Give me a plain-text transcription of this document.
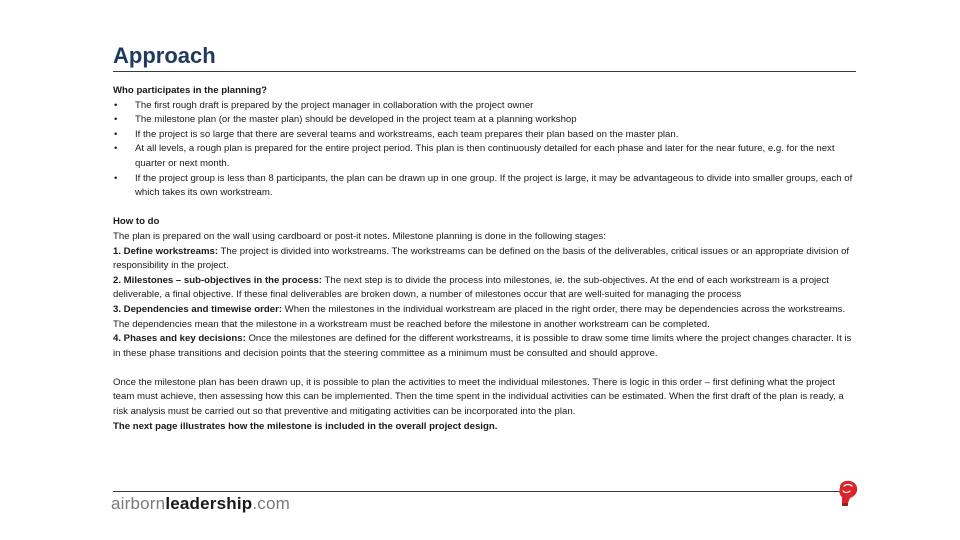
Approach

Who participates in the planning?

• The first rough draft is prepared by the project manager in collaboration with the project owner
• The milestone plan (or the master plan) should be developed in the project team at a planning workshop
• If the project is so large that there are several teams and workstreams, each team prepares their plan based on the master plan.
• At all levels, a rough plan is prepared for the entire project period. This plan is then continuously detailed for each phase and later for the near future, e.g. for the next quarter or next month.
• If the project group is less than 8 participants, the plan can be drawn up in one group. If the project is large, it may be advantageous to divide into smaller groups, each of which takes its own workstream.

How to do

The plan is prepared on the wall using cardboard or post-it notes. Milestone planning is done in the following stages:

1. Define workstreams: The project is divided into workstreams. The workstreams can be defined on the basis of the deliverables, critical issues or an appropriate division of responsibility in the project.

2. Milestones – sub-objectives in the process: The next step is to divide the process into milestones, ie. the sub-objectives. At the end of each workstream is a project deliverable, a final objective. If these final deliverables are broken down, a number of milestones occur that are well-suited for managing the process

3. Dependencies and timewise order: When the milestones in the individual workstream are placed in the right order, there may be dependencies across the workstreams. The dependencies mean that the milestone in a workstream must be reached before the milestone in another workstream can be completed.

4. Phases and key decisions: Once the milestones are defined for the different workstreams, it is possible to draw some time limits where the project changes character. It is in these phase transitions and decision points that the steering committee as a minimum must be consulted and should approve.

Once the milestone plan has been drawn up, it is possible to plan the activities to meet the individual milestones. There is logic in this order – first defining what the project team must achieve, then assessing how this can be implemented. Then the time spent in the individual activities can be estimated. When the first draft of the plan is ready, a risk analysis must be carried out so that preventive and mitigating activities can be incorporated into the plan.

The next page illustrates how the milestone is included in the overall project design.

airbornleadership.com
